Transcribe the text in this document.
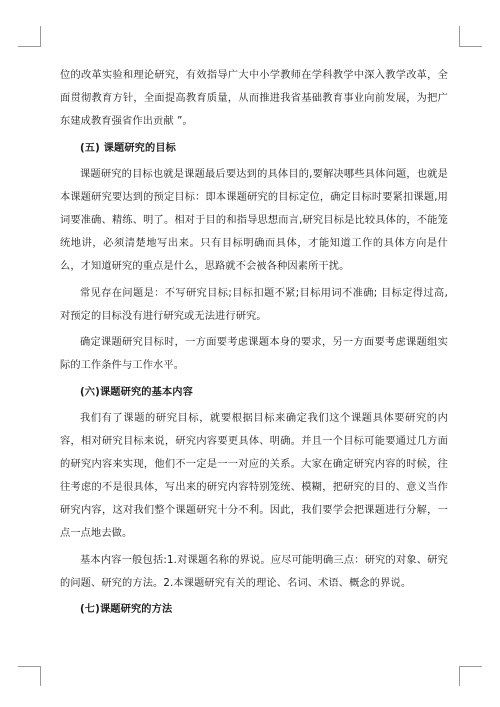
位的改革实验和理论研究，有效指导广大中小学教师在学科教学中深入教学改革，全面贯彻教育方针，全面提高教育质量，从而推进我省基础教育事业向前发展，为把广东建成教育强省作出贡献 ”。

(五) 课题研究的目标

课题研究的目标也就是课题最后要达到的具体目的,要解决哪些具体问题，也就是本课题研究要达到的预定目标：即本课题研究的目标定位，确定目标时要紧扣课题,用词要准确、精练、明了。相对于目的和指导思想而言,研究目标是比较具体的，不能笼统地讲，必须清楚地写出来。只有目标明确而具体，才能知道工作的具体方向是什么，才知道研究的重点是什么，思路就不会被各种因素所干扰。

常见存在问题是：不写研究目标;目标扣题不紧;目标用词不准确; 目标定得过高,对预定的目标没有进行研究或无法进行研究。

确定课题研究目标时，一方面要考虑课题本身的要求，另一方面要考虑课题组实际的工作条件与工作水平。

(六)课题研究的基本内容

我们有了课题的研究目标，就要根据目标来确定我们这个课题具体要研究的内容，相对研究目标来说，研究内容要更具体、明确。并且一个目标可能要通过几方面的研究内容来实现，他们不一定是一一对应的关系。大家在确定研究内容的时候，往往考虑的不是很具体，写出来的研究内容特别笼统、模糊，把研究的目的、意义当作研究内容，这对我们整个课题研究十分不利。因此，我们要学会把课题进行分解，一点一点地去做。

基本内容一般包括:1.对课题名称的界说。应尽可能明确三点：研究的对象、研究的问题、研究的方法。2.本课题研究有关的理论、名词、术语、概念的界说。

(七)课题研究的方法
